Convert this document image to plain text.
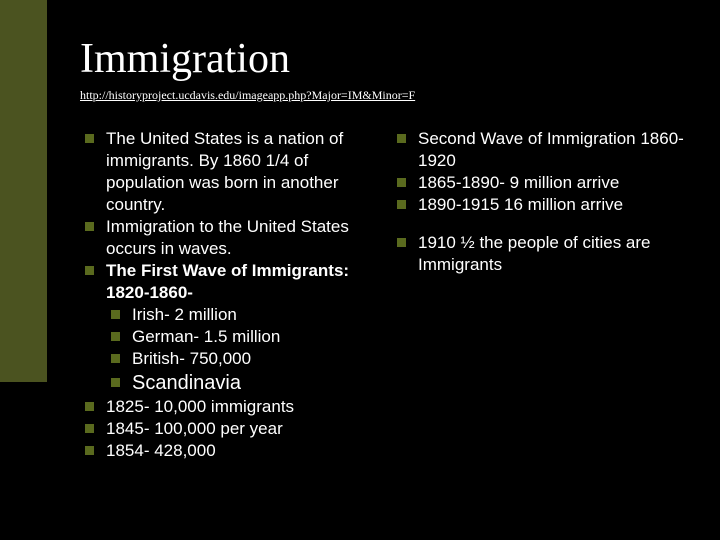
Immigration
http://historyproject.ucdavis.edu/imageapp.php?Major=IM&Minor=F
The United States is a nation of immigrants. By 1860 1/4 of population was born in another country.
Immigration to the United States occurs in waves.
The First Wave of Immigrants: 1820-1860-
Irish- 2 million
German- 1.5 million
British- 750,000
Scandinavia
1825- 10,000 immigrants
1845- 100,000 per year
1854- 428,000
Second Wave of Immigration 1860-1920
1865-1890- 9 million arrive
1890-1915 16 million arrive
1910 ½ the people of cities are Immigrants
